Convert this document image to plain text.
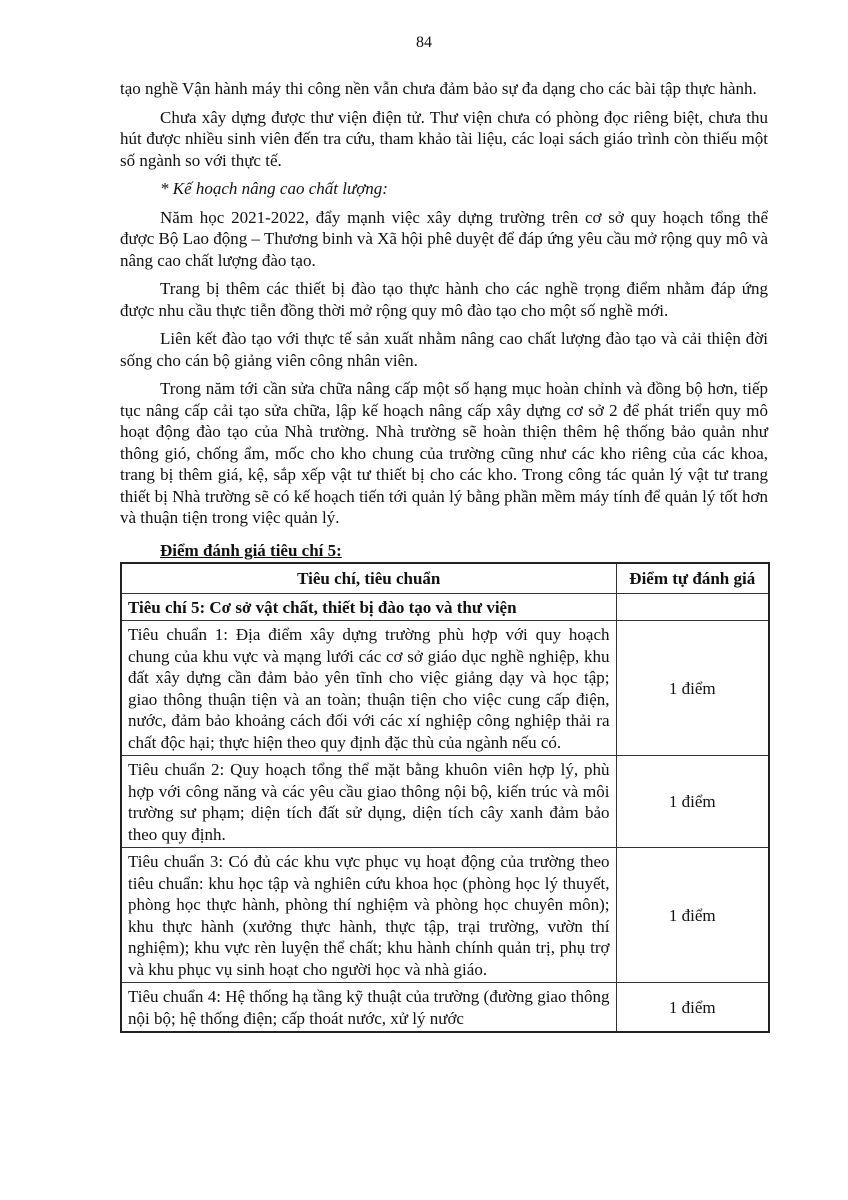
84

tạo nghề Vận hành máy thi công nền vẫn chưa đảm bảo sự đa dạng cho các bài tập thực hành.

Chưa xây dựng được thư viện điện tử. Thư viện chưa có phòng đọc riêng biệt, chưa thu hút được nhiều sinh viên đến tra cứu, tham khảo tài liệu, các loại sách giáo trình còn thiếu một số ngành so với thực tế.

* Kế hoạch nâng cao chất lượng:

Năm học 2021-2022, đẩy mạnh việc xây dựng trường trên cơ sở quy hoạch tổng thể được Bộ Lao động – Thương binh và Xã hội phê duyệt để đáp ứng yêu cầu mở rộng quy mô và nâng cao chất lượng đào tạo.

Trang bị thêm các thiết bị đào tạo thực hành cho các nghề trọng điểm nhằm đáp ứng được nhu cầu thực tiễn đồng thời mở rộng quy mô đào tạo cho một số nghề mới.

Liên kết đào tạo với thực tế sản xuất nhằm nâng cao chất lượng đào tạo và cải thiện đời sống cho cán bộ giảng viên công nhân viên.

Trong năm tới cần sửa chữa nâng cấp một số hạng mục hoàn chỉnh và đồng bộ hơn, tiếp tục nâng cấp cải tạo sửa chữa, lập kế hoạch nâng cấp xây dựng cơ sở 2 để phát triển quy mô hoạt động đào tạo của Nhà trường. Nhà trường sẽ hoàn thiện thêm hệ thống bảo quản như thông gió, chống ẩm, mốc cho kho chung của trường cũng như các kho riêng của các khoa, trang bị thêm giá, kệ, sắp xếp vật tư thiết bị cho các kho. Trong công tác quản lý vật tư trang thiết bị Nhà trường sẽ có kế hoạch tiến tới quản lý bằng phần mềm máy tính để quản lý tốt hơn và thuận tiện trong việc quản lý.

Điểm đánh giá tiêu chí 5:
Tiêu chí, tiêu chuẩn	Điểm tự đánh giá
Tiêu chí 5: Cơ sở vật chất, thiết bị đào tạo và thư viện	
Tiêu chuẩn 1: Địa điểm xây dựng trường phù hợp với quy hoạch chung của khu vực và mạng lưới các cơ sở giáo dục nghề nghiệp, khu đất xây dựng cần đảm bảo yên tĩnh cho việc giảng dạy và học tập; giao thông thuận tiện và an toàn; thuận tiện cho việc cung cấp điện, nước, đảm bảo khoảng cách đối với các xí nghiệp công nghiệp thải ra chất độc hại; thực hiện theo quy định đặc thù của ngành nếu có.	1 điểm
Tiêu chuẩn 2: Quy hoạch tổng thể mặt bằng khuôn viên hợp lý, phù hợp với công năng và các yêu cầu giao thông nội bộ, kiến trúc và môi trường sư phạm; diện tích đất sử dụng, diện tích cây xanh đảm bảo theo quy định.	1 điểm
Tiêu chuẩn 3: Có đủ các khu vực phục vụ hoạt động của trường theo tiêu chuẩn: khu học tập và nghiên cứu khoa học (phòng học lý thuyết, phòng học thực hành, phòng thí nghiệm và phòng học chuyên môn); khu thực hành (xưởng thực hành, thực tập, trại trường, vườn thí nghiệm); khu vực rèn luyện thể chất; khu hành chính quản trị, phụ trợ và khu phục vụ sinh hoạt cho người học và nhà giáo.	1 điểm
Tiêu chuẩn 4: Hệ thống hạ tầng kỹ thuật của trường (đường giao thông nội bộ; hệ thống điện; cấp thoát nước, xử lý nước	1 điểm
